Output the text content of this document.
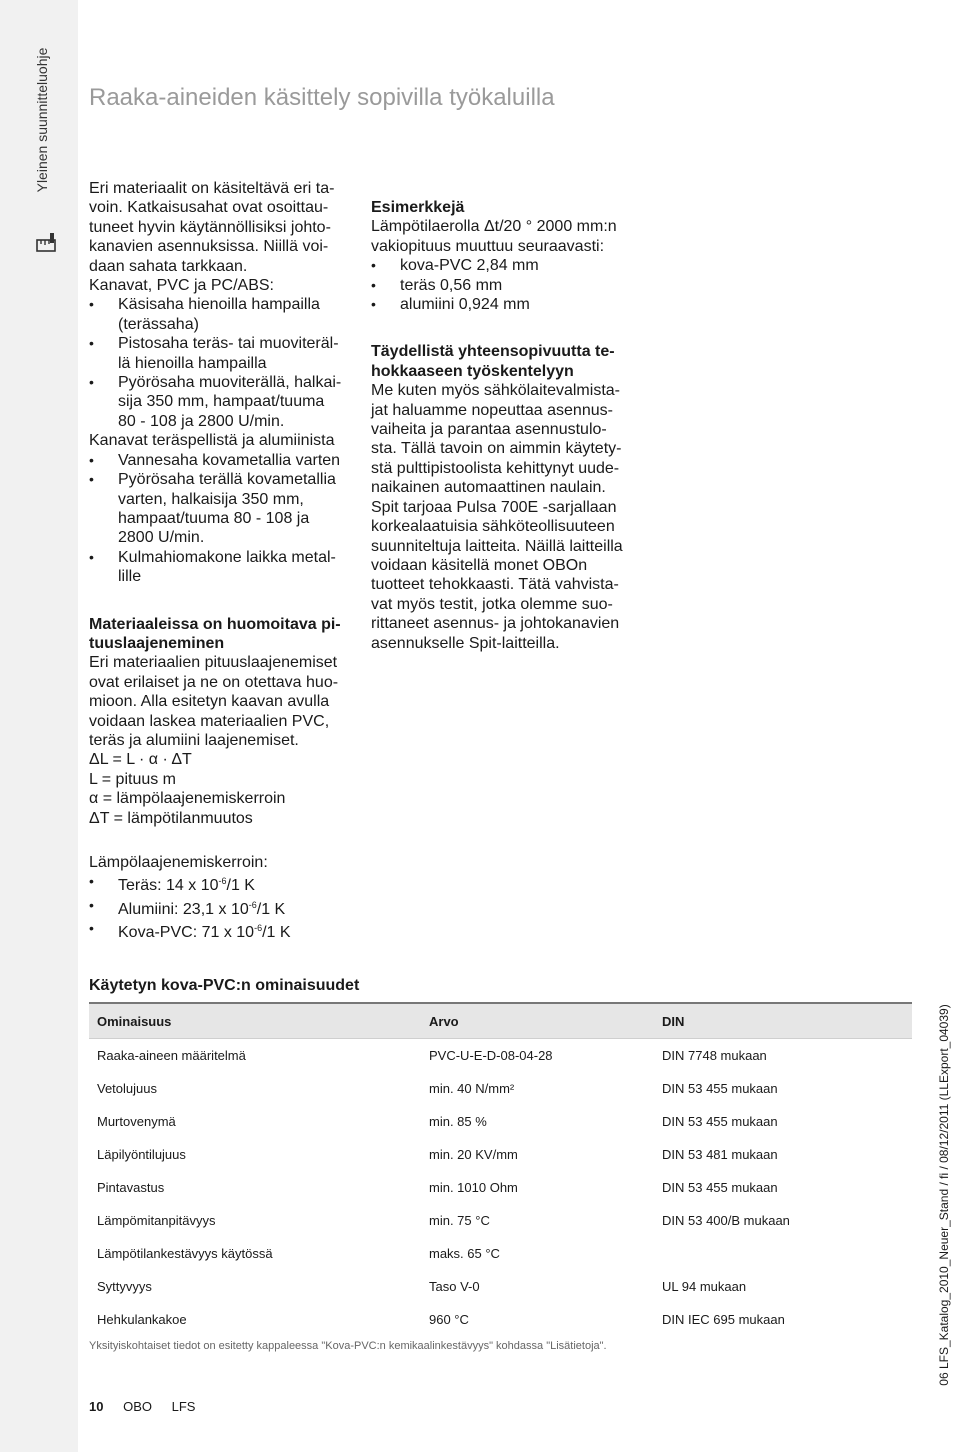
Yleinen suunnitteluohje Raaka-aineiden käsittely sopivilla työkaluilla
Eri materiaalit on käsiteltävä eri ta-
voin. Katkaisusahat ovat osoittau-
tuneet hyvin käytännöllisiksi johto-
kanavien asennuksissa. Niillä voi-
daan sahata tarkkaan.
Kanavat, PVC ja PC/ABS:
• Käsisaha hienoilla hampailla
(terässaha)
• Pistosaha teräs- tai muoviteräl-
lä hienoilla hampailla
• Pyörösaha muoviterällä, halkai-
sija 350 mm, hampaat/tuuma
80 - 108 ja 2800 U/min.

Kanavat teräspellistä ja alumiinista

• Vannesaha kovametallia varten
• Pyörösaha terällä kovametallia
varten, halkaisija 350 mm,
hampaat/tuuma 80 - 108 ja
2800 U/min.
• Kulmahiomakone laikka metal-
lille
Materiaaleissa on huomoitava pi-
tuuslaajeneminen
Eri materiaalien pituuslaajenemiset
ovat erilaiset ja ne on otettava huo-
mioon. Alla esitetyn kaavan avulla
voidaan laskea materiaalien PVC,
teräs ja alumiini laajenemiset.
ΔL = L · α · ΔT
L = pituus m
α = lämpölaajenemiskerroin
ΔT = lämpötilanmuutos

Lämpölaajenemiskerroin:

• Teräs: 14 x $10^{-6}/1$ K
• Alumiini: 23,1 x $10^{-6}/1$ K
• Kova-PVC: 71 x $10^{-6}/1$ K
Esimerkkejä
Lämpötilaerolla Δt/20 ° 2000 mm:n
vakiopituus muuttuu seuraavasti:
• kova-PVC 2,84 mm
• teräs 0,56 mm
• alumiini 0,924 mm
Täydellistä yhteensopivuutta te-
hokkaaseen työskentelyyn
Me kuten myös sähkölaitevalmista-
jat haluamme nopeuttaa asennus-
vaiheita ja parantaa asennustulo-
sta. Tällä tavoin on aimmin käytety-
stä pulttipistoolista kehittynyt uude-
naikainen automaattinen naulain.
Spit tarjoaa Pulsa 700E -sarjallaan
korkealaatuisia sähköteollisuuteen
suunniteltuja laitteita. Näillä laitteilla
voidaan käsitellä monet OBOn
tuotteet tehokkaasti. Tätä vahvista-
vat myös testit, jotka olemme suo-
rittaneet asennus- ja johtokanavien
asennukselle Spit-laitteilla.
Käytetyn kova-PVC:n ominaisuudet
Ominaisuus	Arvo	DIN
Raaka-aineen määritelmä	PVC-U-E-D-08-04-28	DIN 7748 mukaan
Vetolujuus	min. 40 N/mm²	DIN 53 455 mukaan
Murtovenymä	min. 85 %	DIN 53 455 mukaan
Läpilyöntilujuus	min. 20 KV/mm	DIN 53 481 mukaan
Pintavastus	min. 1010 Ohm	DIN 53 455 mukaan
Lämpömitanpitävyys	min. 75 °C	DIN 53 400/B mukaan
Lämpötilankestävyys käytössä	maks. 65 °C	
Syttyvyys	Taso V-0	UL 94 mukaan
Hehkulankakoe	960 °C	DIN IEC 695 mukaan

Yksityiskohtaiset tiedot on esitetty kappaleessa "Kova-PVC:n kemikaalinkestävyys" kohdassa "Lisätietoja".

10 OBO LFS
06 LFS_Katalog_2010_Neuer_Stand / fi / 08/12/2011 (LLExport_04039)
